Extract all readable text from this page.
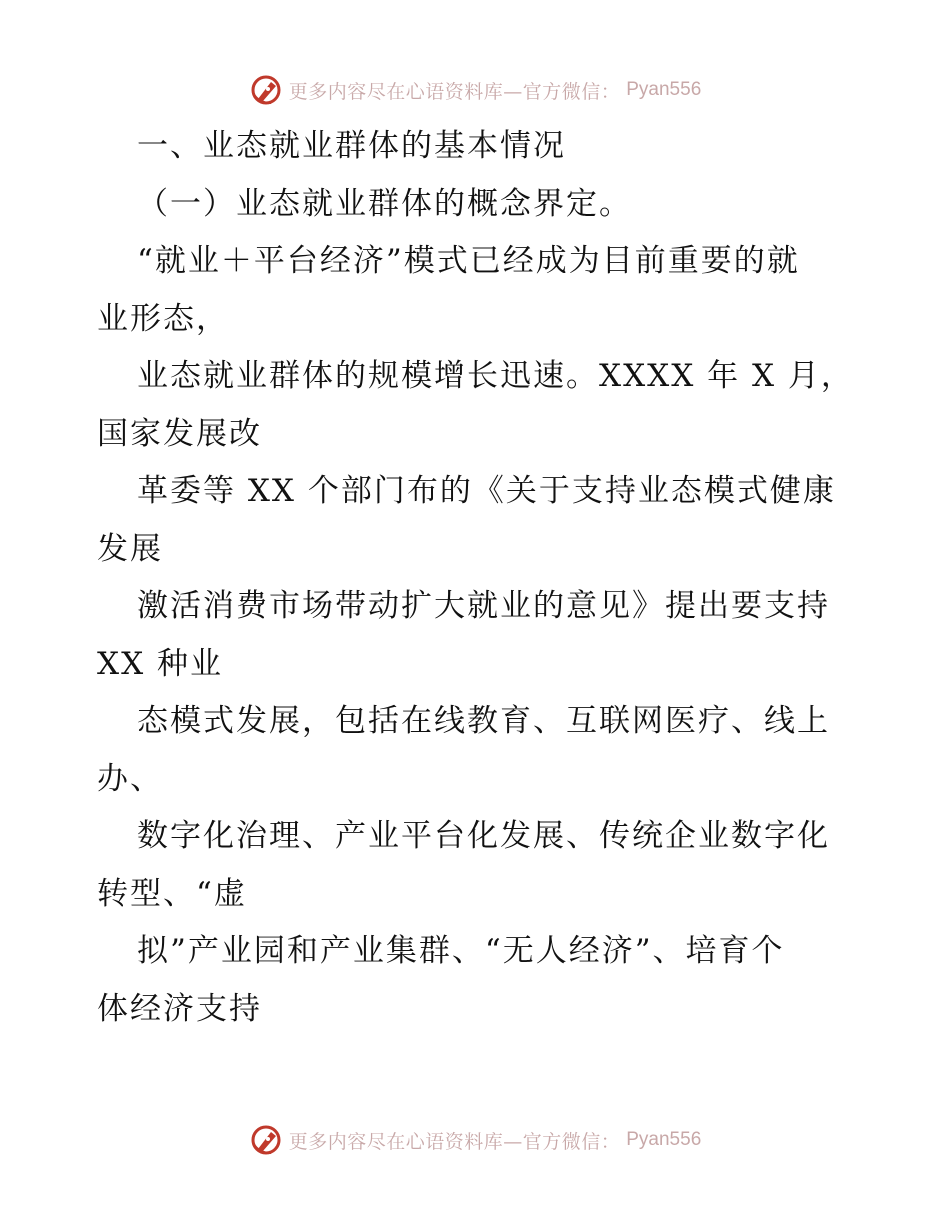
更多内容尽在心语资料库—官方微信： Pyan556
一、业态就业群体的基本情况
（一）业态就业群体的概念界定。
“就业＋平台经济”模式已经成为目前重要的就
业形态，
业态就业群体的规模增长迅速。XXXX 年 X 月，
国家发展改
革委等 XX 个部门布的《关于支持业态模式健康
发展
激活消费市场带动扩大就业的意见》提出要支持
XX 种业
态模式发展，包括在线教育、互联网医疗、线上
办、
数字化治理、产业平台化发展、传统企业数字化
转型、“虚
拟”产业园和产业集群、“无人经济”、培育个
体经济支持
更多内容尽在心语资料库—官方微信： Pyan556
